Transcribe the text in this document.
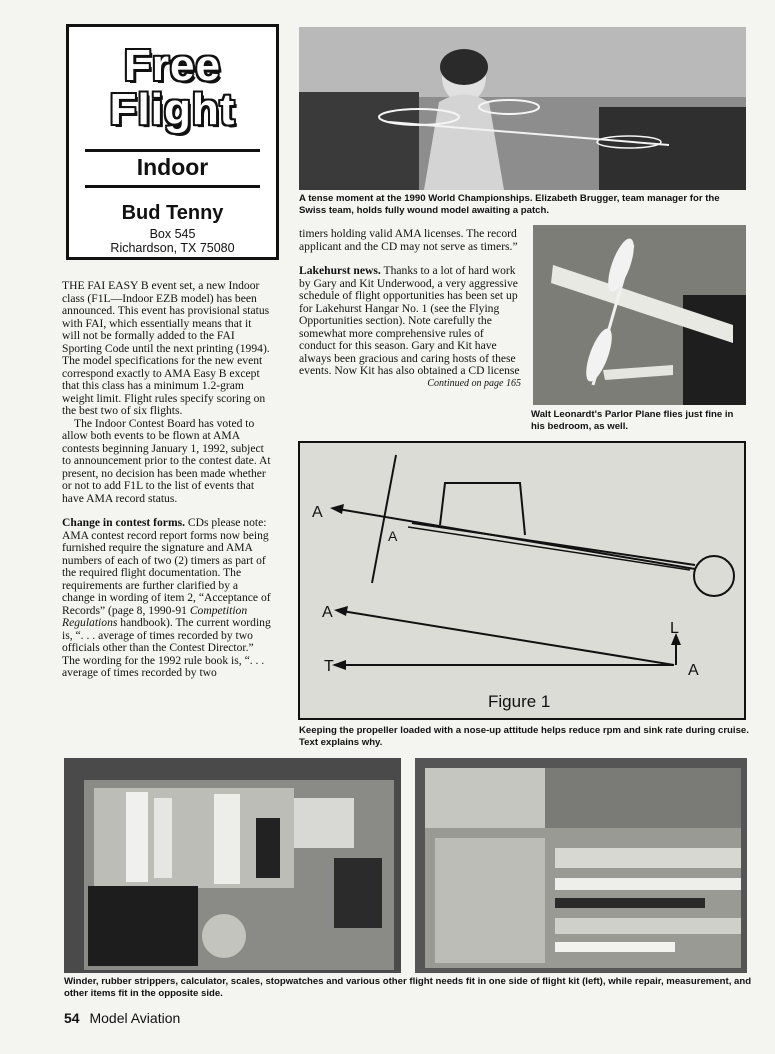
Free
Flight
Indoor
Bud Tenny
Box 545
Richardson, TX 75080
A tense moment at the 1990 World Championships. Elizabeth Brugger, team manager for the Swiss team, holds fully wound model awaiting a patch.
Walt Leonardt's Parlor Plane flies just fine in his bedroom, as well.

THE FAI EASY B event set, a new Indoor class (F1L—Indoor EZB model) has been announced. This event has provisional status with FAI, which essentially means that it will not be formally added to the FAI Sporting Code until the next printing (1994). The model specifications for the new event correspond exactly to AMA Easy B except that this class has a minimum 1.2-gram weight limit. Flight rules specify scoring on the best two of six flights.

The Indoor Contest Board has voted to allow both events to be flown at AMA contests beginning January 1, 1992, subject to announcement prior to the contest date. At present, no decision has been made whether or not to add F1L to the list of events that have AMA record status.

Change in contest forms. CDs please note: AMA contest record report forms now being furnished require the signature and AMA numbers of each of two (2) timers as part of the required flight documentation. The requirements are further clarified by a change in wording of item 2, “Acceptance of Records” (page 8, 1990-91 Competition Regulations handbook). The current wording is, “. . . average of times recorded by two officials other than the Contest Director.” The wording for the 1992 rule book is, “. . . average of times recorded by two

timers holding valid AMA licenses. The record applicant and the CD may not serve as timers.”

Lakehurst news. Thanks to a lot of hard work by Gary and Kit Underwood, a very aggressive schedule of flight opportunities has been set up for Lakehurst Hangar No. 1 (see the Flying Opportunities section). Note carefully the somewhat more comprehensive rules of conduct for this season. Gary and Kit have always been gracious and caring hosts of these events. Now Kit has also obtained a CD license

Continued on page 165

A
A
A
T
L
A
Figure 1
Keeping the propeller loaded with a nose-up attitude helps reduce rpm and sink rate during cruise. Text explains why.
Winder, rubber strippers, calculator, scales, stopwatches and various other flight needs fit in one side of flight kit (left), while repair, measurement, and other items fit in the opposite side.
54 Model Aviation
